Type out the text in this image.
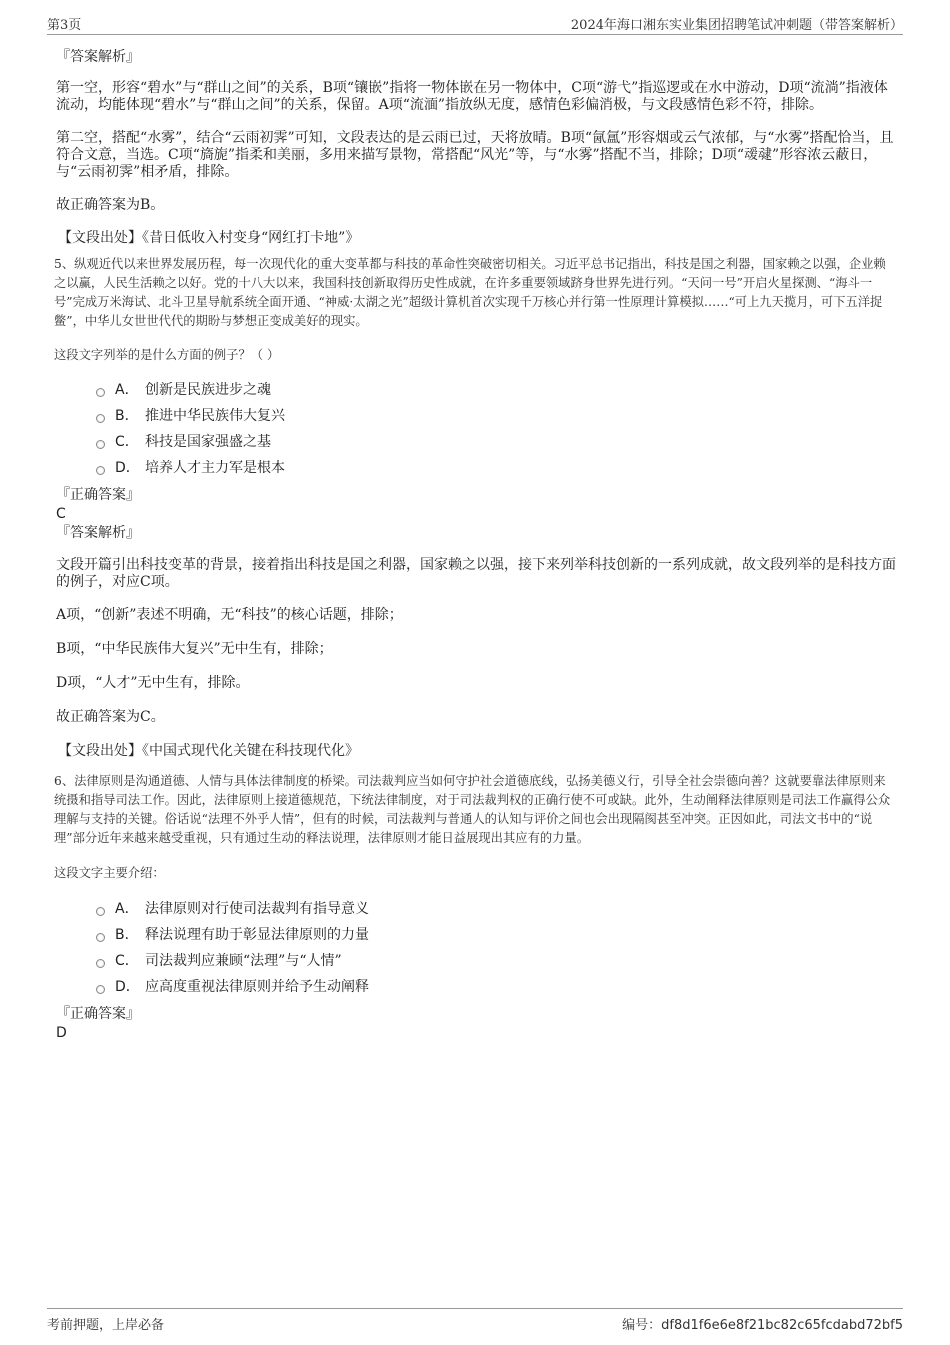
第3页	2024年海口湘东实业集团招聘笔试冲刺题（带答案解析）

『答案解析』

第一空，形容“碧水”与“群山之间”的关系，B项“镶嵌”指将一物体嵌在另一物体中，C项“游弋”指巡逻或在水中游动，D项“流淌”指液体流动，均能体现“碧水”与“群山之间”的关系，保留。A项“流湎”指放纵无度，感情色彩偏消极，与文段感情色彩不符，排除。

第二空，搭配“水雾”，结合“云雨初霁”可知，文段表达的是云雨已过，天将放晴。B项“氤氲”形容烟或云气浓郁，与“水雾”搭配恰当，且符合文意，当选。C项“旖旎”指柔和美丽，多用来描写景物，常搭配“风光”等，与“水雾”搭配不当，排除；D项“叆叇”形容浓云蔽日，与“云雨初霁”相矛盾，排除。

故正确答案为B。

【文段出处】《昔日低收入村变身“网红打卡地”》

5、纵观近代以来世界发展历程，每一次现代化的重大变革都与科技的革命性突破密切相关。习近平总书记指出，科技是国之利器，国家赖之以强，企业赖之以赢，人民生活赖之以好。党的十八大以来，我国科技创新取得历史性成就，在许多重要领域跻身世界先进行列。“天问一号”开启火星探测、“海斗一号”完成万米海试、北斗卫星导航系统全面开通、“神威·太湖之光”超级计算机首次实现千万核心并行第一性原理计算模拟……“可上九天揽月，可下五洋捉鳖”，中华儿女世世代代的期盼与梦想正变成美好的现实。

这段文字列举的是什么方面的例子？（ ）

A． 创新是民族进步之魂
B． 推进中华民族伟大复兴
C． 科技是国家强盛之基
D． 培养人才主力军是根本

『正确答案』

C

『答案解析』

文段开篇引出科技变革的背景，接着指出科技是国之利器，国家赖之以强，接下来列举科技创新的一系列成就，故文段列举的是科技方面的例子，对应C项。

A项，“创新”表述不明确，无“科技”的核心话题，排除；

B项，“中华民族伟大复兴”无中生有，排除；

D项，“人才”无中生有，排除。

故正确答案为C。

【文段出处】《中国式现代化关键在科技现代化》

6、法律原则是沟通道德、人情与具体法律制度的桥梁。司法裁判应当如何守护社会道德底线，弘扬美德义行，引导全社会崇德向善？这就要靠法律原则来统摄和指导司法工作。因此，法律原则上接道德规范，下统法律制度，对于司法裁判权的正确行使不可或缺。此外，生动阐释法律原则是司法工作赢得公众理解与支持的关键。俗话说“法理不外乎人情”，但有的时候，司法裁判与普通人的认知与评价之间也会出现隔阂甚至冲突。正因如此，司法文书中的“说理”部分近年来越来越受重视，只有通过生动的释法说理，法律原则才能日益展现出其应有的力量。

这段文字主要介绍：

A． 法律原则对行使司法裁判有指导意义
B． 释法说理有助于彰显法律原则的力量
C． 司法裁判应兼顾“法理”与“人情”
D． 应高度重视法律原则并给予生动阐释

『正确答案』

D

考前押题，上岸必备	编号：df8d1f6e6e8f21bc82c65fcdabd72bf5
